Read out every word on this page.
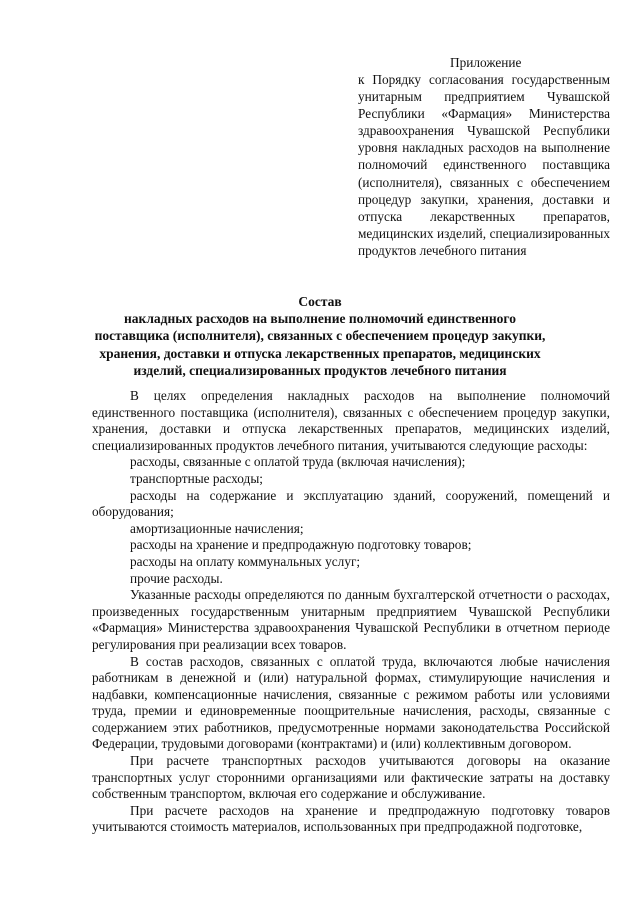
Приложение

к Порядку согласования государственным унитарным предприятием Чувашской Республики «Фармация» Министерства здравоохранения Чувашской Республики уровня накладных расходов на выполнение полномочий единственного поставщика (исполнителя), связанных с обеспечением процедур закупки, хранения, доставки и отпуска лекарственных препаратов, медицинских изделий, специализированных продуктов лечебного питания

Состав
накладных расходов на выполнение полномочий единственного поставщика (исполнителя), связанных с обеспечением процедур закупки, хранения, доставки и отпуска лекарственных препаратов, медицинских изделий, специализированных продуктов лечебного питания

В целях определения накладных расходов на выполнение полномочий единственного поставщика (исполнителя), связанных с обеспечением процедур закупки, хранения, доставки и отпуска лекарственных препаратов, медицинских изделий, специализированных продуктов лечебного питания, учитываются следующие расходы:

расходы, связанные с оплатой труда (включая начисления);

транспортные расходы;

расходы на содержание и эксплуатацию зданий, сооружений, помещений и оборудования;

амортизационные начисления;

расходы на хранение и предпродажную подготовку товаров;

расходы на оплату коммунальных услуг;

прочие расходы.

Указанные расходы определяются по данным бухгалтерской отчетности о расходах, произведенных государственным унитарным предприятием Чувашской Республики «Фармация» Министерства здравоохранения Чувашской Республики в отчетном периоде регулирования при реализации всех товаров.

В состав расходов, связанных с оплатой труда, включаются любые начисления работникам в денежной и (или) натуральной формах, стимулирующие начисления и надбавки, компенсационные начисления, связанные с режимом работы или условиями труда, премии и единовременные поощрительные начисления, расходы, связанные с содержанием этих работников, предусмотренные нормами законодательства Российской Федерации, трудовыми договорами (контрактами) и (или) коллективным договором.

При расчете транспортных расходов учитываются договоры на оказание транспортных услуг сторонними организациями или фактические затраты на доставку собственным транспортом, включая его содержание и обслуживание.

При расчете расходов на хранение и предпродажную подготовку товаров учитываются стоимость материалов, использованных при предпродажной подготовке,
